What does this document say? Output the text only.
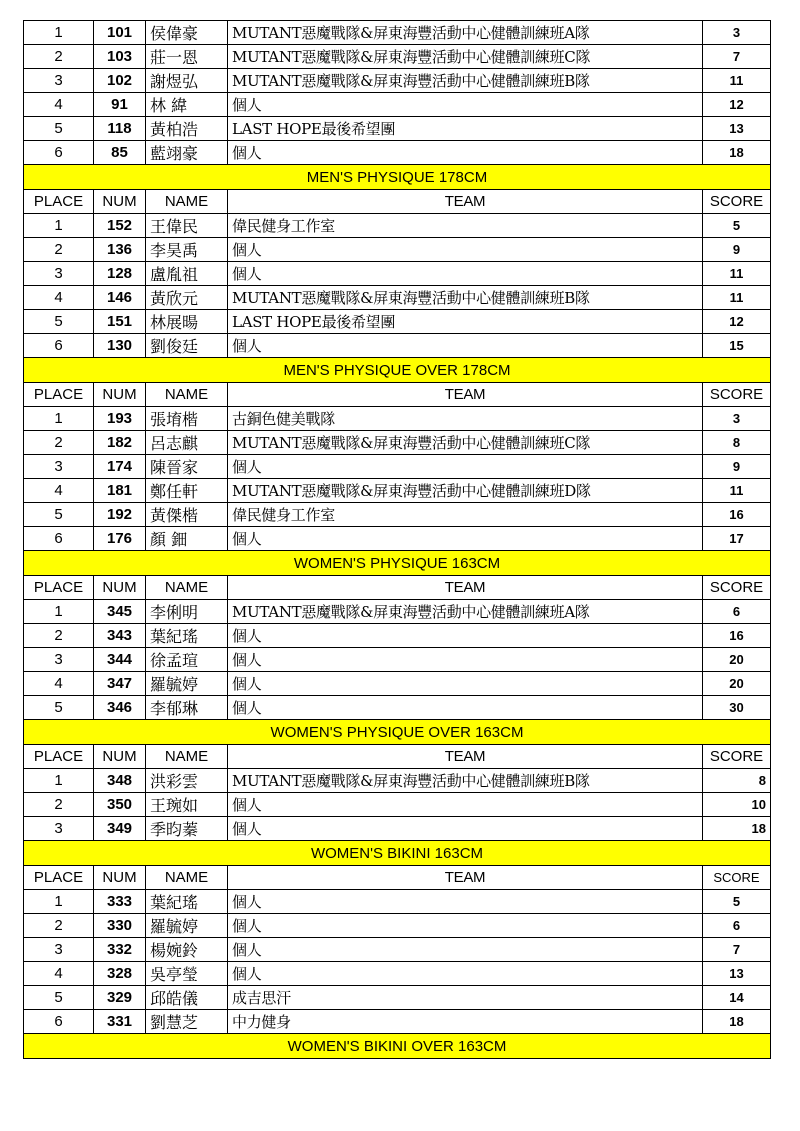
1	101	侯偉豪	MUTANT惡魔戰隊&屏東海豐活動中心健體訓練班A隊	3
2	103	莊一恩	MUTANT惡魔戰隊&屏東海豐活動中心健體訓練班C隊	7
3	102	謝煜弘	MUTANT惡魔戰隊&屏東海豐活動中心健體訓練班B隊	11
4	91	林 緯	個人	12
5	118	黃柏浩	LAST HOPE最後希望團	13
6	85	藍翊豪	個人	18
MEN'S PHYSIQUE 178CM				
PLACE	NUM	NAME	TEAM	SCORE
1	152	王偉民	偉民健身工作室	5
2	136	李昊禹	個人	9
3	128	盧胤祖	個人	11
4	146	黃欣元	MUTANT惡魔戰隊&屏東海豐活動中心健體訓練班B隊	11
5	151	林展暘	LAST HOPE最後希望團	12
6	130	劉俊廷	個人	15
MEN'S PHYSIQUE OVER 178CM				
PLACE	NUM	NAME	TEAM	SCORE
1	193	張堉楷	古銅色健美戰隊	3
2	182	呂志麒	MUTANT惡魔戰隊&屏東海豐活動中心健體訓練班C隊	8
3	174	陳晉家	個人	9
4	181	鄭任軒	MUTANT惡魔戰隊&屏東海豐活動中心健體訓練班D隊	11
5	192	黃傑楷	偉民健身工作室	16
6	176	顏 鈿	個人	17
WOMEN'S PHYSIQUE 163CM				
PLACE	NUM	NAME	TEAM	SCORE
1	345	李俐明	MUTANT惡魔戰隊&屏東海豐活動中心健體訓練班A隊	6
2	343	葉紀瑤	個人	16
3	344	徐孟瑄	個人	20
4	347	羅毓婷	個人	20
5	346	李郁琳	個人	30
WOMEN'S PHYSIQUE OVER 163CM				
PLACE	NUM	NAME	TEAM	SCORE
1	348	洪彩雲	MUTANT惡魔戰隊&屏東海豐活動中心健體訓練班B隊	8
2	350	王琬如	個人	10
3	349	季昀蓁	個人	18
WOMEN'S BIKINI 163CM				
PLACE	NUM	NAME	TEAM	SCORE
1	333	葉紀瑤	個人	5
2	330	羅毓婷	個人	6
3	332	楊婉鈴	個人	7
4	328	吳亭瑩	個人	13
5	329	邱皓儀	成吉思汗	14
6	331	劉慧芝	中力健身	18
WOMEN'S BIKINI OVER 163CM				
